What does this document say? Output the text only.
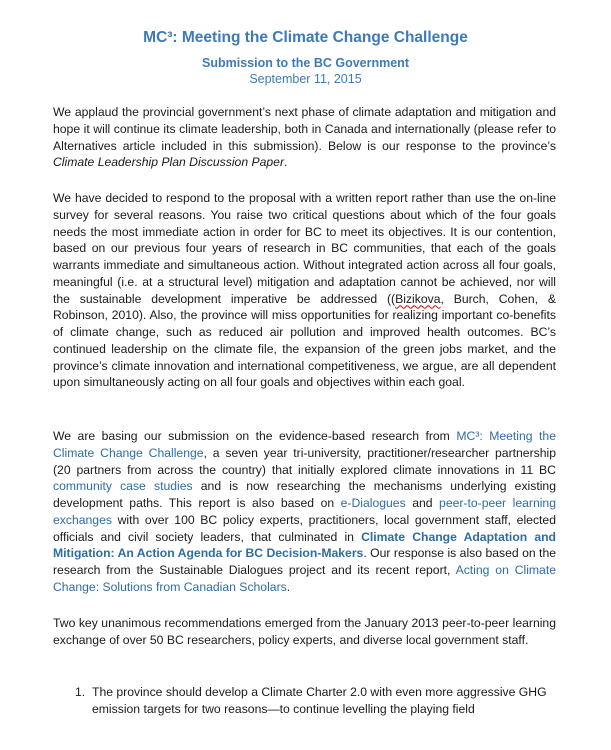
MC³: Meeting the Climate Change Challenge
Submission to the BC Government
September 11, 2015
We applaud the provincial government’s next phase of climate adaptation and mitigation and hope it will continue its climate leadership, both in Canada and internationally (please refer to Alternatives article included in this submission). Below is our response to the province’s Climate Leadership Plan Discussion Paper.
We have decided to respond to the proposal with a written report rather than use the on-line survey for several reasons. You raise two critical questions about which of the four goals needs the most immediate action in order for BC to meet its objectives. It is our contention, based on our previous four years of research in BC communities, that each of the goals warrants immediate and simultaneous action. Without integrated action across all four goals, meaningful (i.e. at a structural level) mitigation and adaptation cannot be achieved, nor will the sustainable development imperative be addressed ((Bizikova, Burch, Cohen, & Robinson, 2010). Also, the province will miss opportunities for realizing important co-benefits of climate change, such as reduced air pollution and improved health outcomes. BC’s continued leadership on the climate file, the expansion of the green jobs market, and the province’s climate innovation and international competitiveness, we argue, are all dependent upon simultaneously acting on all four goals and objectives within each goal.
We are basing our submission on the evidence-based research from MC³: Meeting the Climate Change Challenge, a seven year tri-university, practitioner/researcher partnership (20 partners from across the country) that initially explored climate innovations in 11 BC community case studies and is now researching the mechanisms underlying existing development paths. This report is also based on e-Dialogues and peer-to-peer learning exchanges with over 100 BC policy experts, practitioners, local government staff, elected officials and civil society leaders, that culminated in Climate Change Adaptation and Mitigation: An Action Agenda for BC Decision-Makers. Our response is also based on the research from the Sustainable Dialogues project and its recent report, Acting on Climate Change: Solutions from Canadian Scholars.
Two key unanimous recommendations emerged from the January 2013 peer-to-peer learning exchange of over 50 BC researchers, policy experts, and diverse local government staff.
1. The province should develop a Climate Charter 2.0 with even more aggressive GHG emission targets for two reasons—to continue levelling the playing field
